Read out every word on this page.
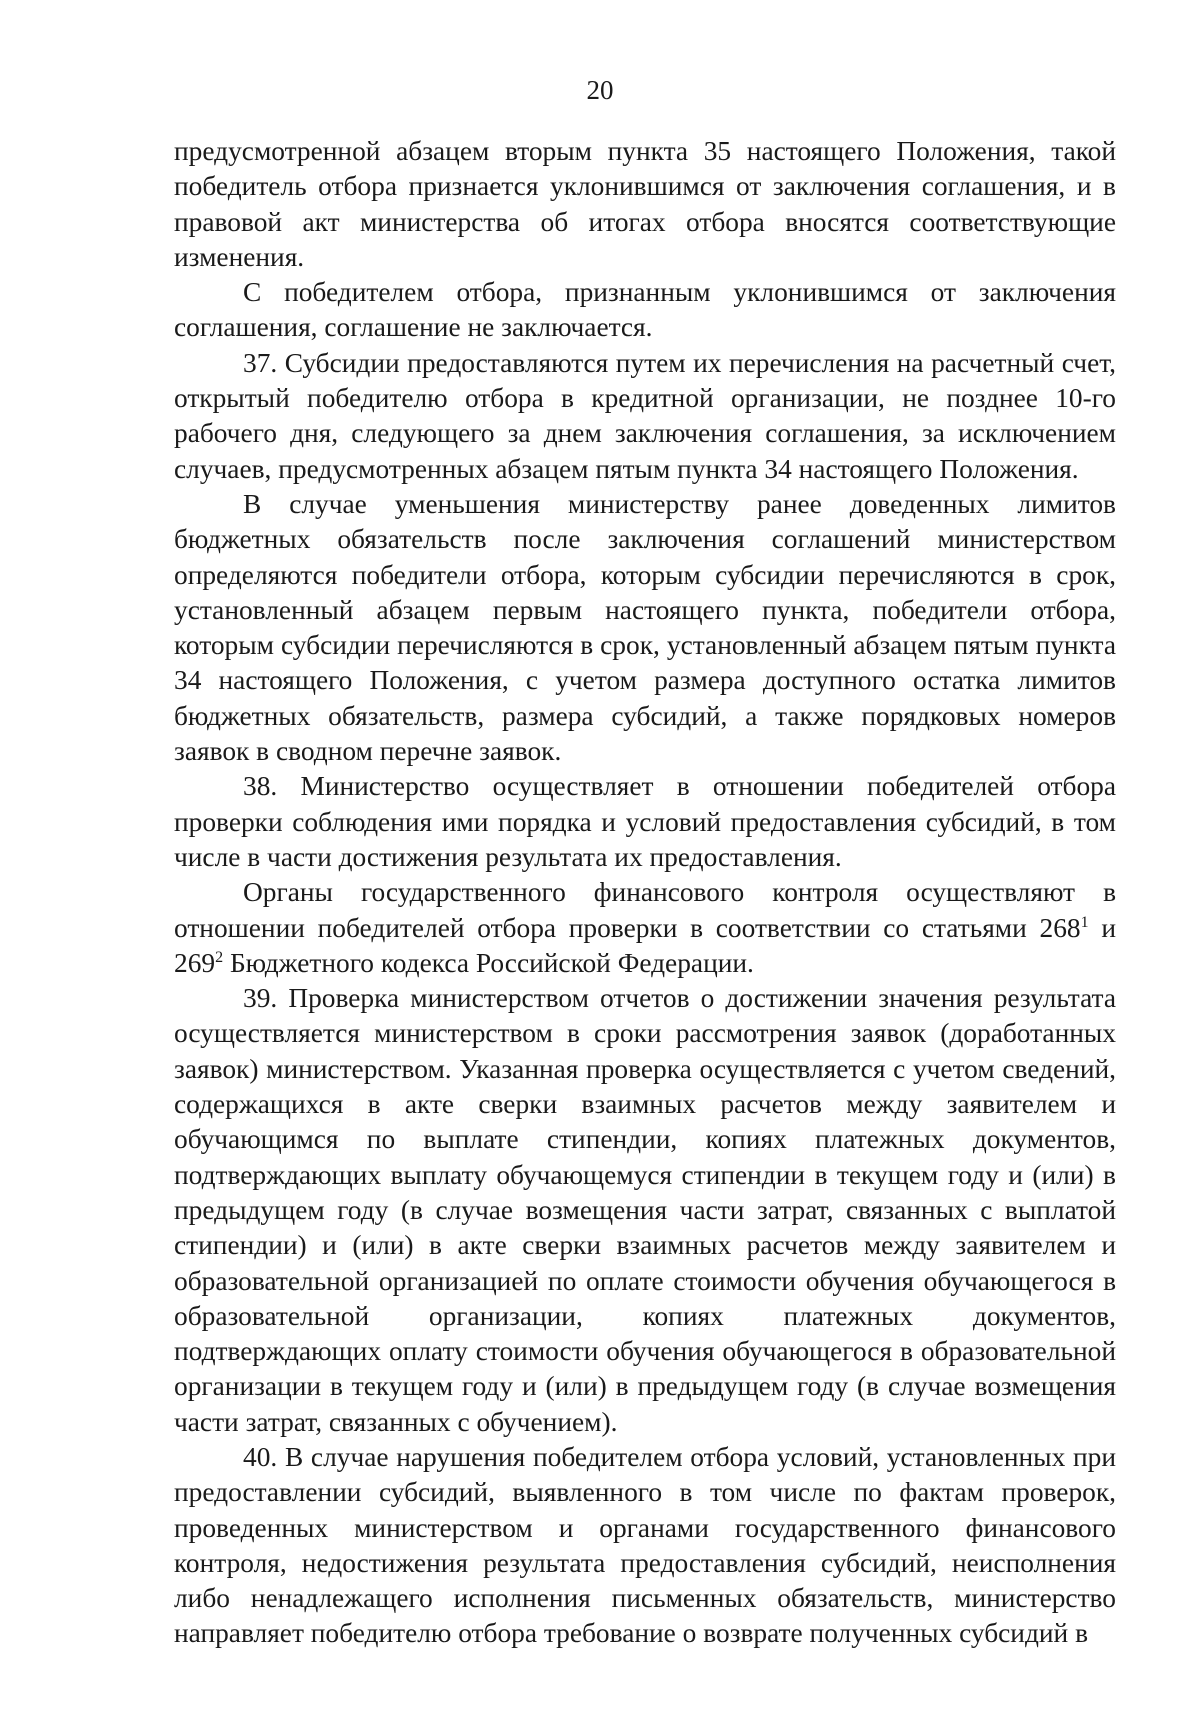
20

предусмотренной абзацем вторым пункта 35 настоящего Положения, такой победитель отбора признается уклонившимся от заключения соглашения, и в правовой акт министерства об итогах отбора вносятся соответствующие изменения.

С победителем отбора, признанным уклонившимся от заключения соглашения, соглашение не заключается.

37. Субсидии предоставляются путем их перечисления на расчетный счет, открытый победителю отбора в кредитной организации, не позднее 10-го рабочего дня, следующего за днем заключения соглашения, за исключением случаев, предусмотренных абзацем пятым пункта 34 настоящего Положения.

В случае уменьшения министерству ранее доведенных лимитов бюджетных обязательств после заключения соглашений министерством определяются победители отбора, которым субсидии перечисляются в срок, установленный абзацем первым настоящего пункта, победители отбора, которым субсидии перечисляются в срок, установленный абзацем пятым пункта 34 настоящего Положения, с учетом размера доступного остатка лимитов бюджетных обязательств, размера субсидий, а также порядковых номеров заявок в сводном перечне заявок.

38. Министерство осуществляет в отношении победителей отбора проверки соблюдения ими порядка и условий предоставления субсидий, в том числе в части достижения результата их предоставления.

Органы государственного финансового контроля осуществляют в отношении победителей отбора проверки в соответствии со статьями $268^1$ и $269^2$ Бюджетного кодекса Российской Федерации.

39. Проверка министерством отчетов о достижении значения результата осуществляется министерством в сроки рассмотрения заявок (доработанных заявок) министерством. Указанная проверка осуществляется с учетом сведений, содержащихся в акте сверки взаимных расчетов между заявителем и обучающимся по выплате стипендии, копиях платежных документов, подтверждающих выплату обучающемуся стипендии в текущем году и (или) в предыдущем году (в случае возмещения части затрат, связанных с выплатой стипендии) и (или) в акте сверки взаимных расчетов между заявителем и образовательной организацией по оплате стоимости обучения обучающегося в образовательной организации, копиях платежных документов, подтверждающих оплату стоимости обучения обучающегося в образовательной организации в текущем году и (или) в предыдущем году (в случае возмещения части затрат, связанных с обучением).

40. В случае нарушения победителем отбора условий, установленных при предоставлении субсидий, выявленного в том числе по фактам проверок, проведенных министерством и органами государственного финансового контроля, недостижения результата предоставления субсидий, неисполнения либо ненадлежащего исполнения письменных обязательств, министерство направляет победителю отбора требование о возврате полученных субсидий в
